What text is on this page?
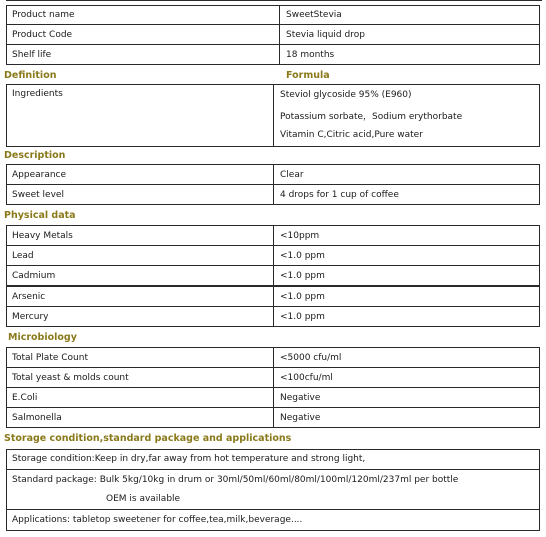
Product name	SweetStevia
Product Code	Stevia liquid drop
Shelf life	18 months
Definition	Formula
Ingredients	Steviol glycoside 95% (E960)
Potassium sorbate，Sodium erythorbate
Vitamin C,Citric acid,Pure water
Description
Appearance	Clear
Sweet level	4 drops for 1 cup of coffee
Physical data
Heavy Metals	<10ppm
Lead	<1.0 ppm
Cadmium	<1.0 ppm
Arsenic	<1.0 ppm
Mercury	<1.0 ppm
Microbiology
Total Plate Count	<5000 cfu/ml
Total yeast & molds count	<100cfu/ml
E.Coli	Negative
Salmonella	Negative
Storage condition,standard package and applications
Storage condition:Keep in dry,far away from hot temperature and strong light,
Standard package: Bulk 5kg/10kg in drum or 30ml/50ml/60ml/80ml/100ml/120ml/237ml per bottle
OEM is available
Applications: tabletop sweetener for coffee,tea,milk,beverage....
